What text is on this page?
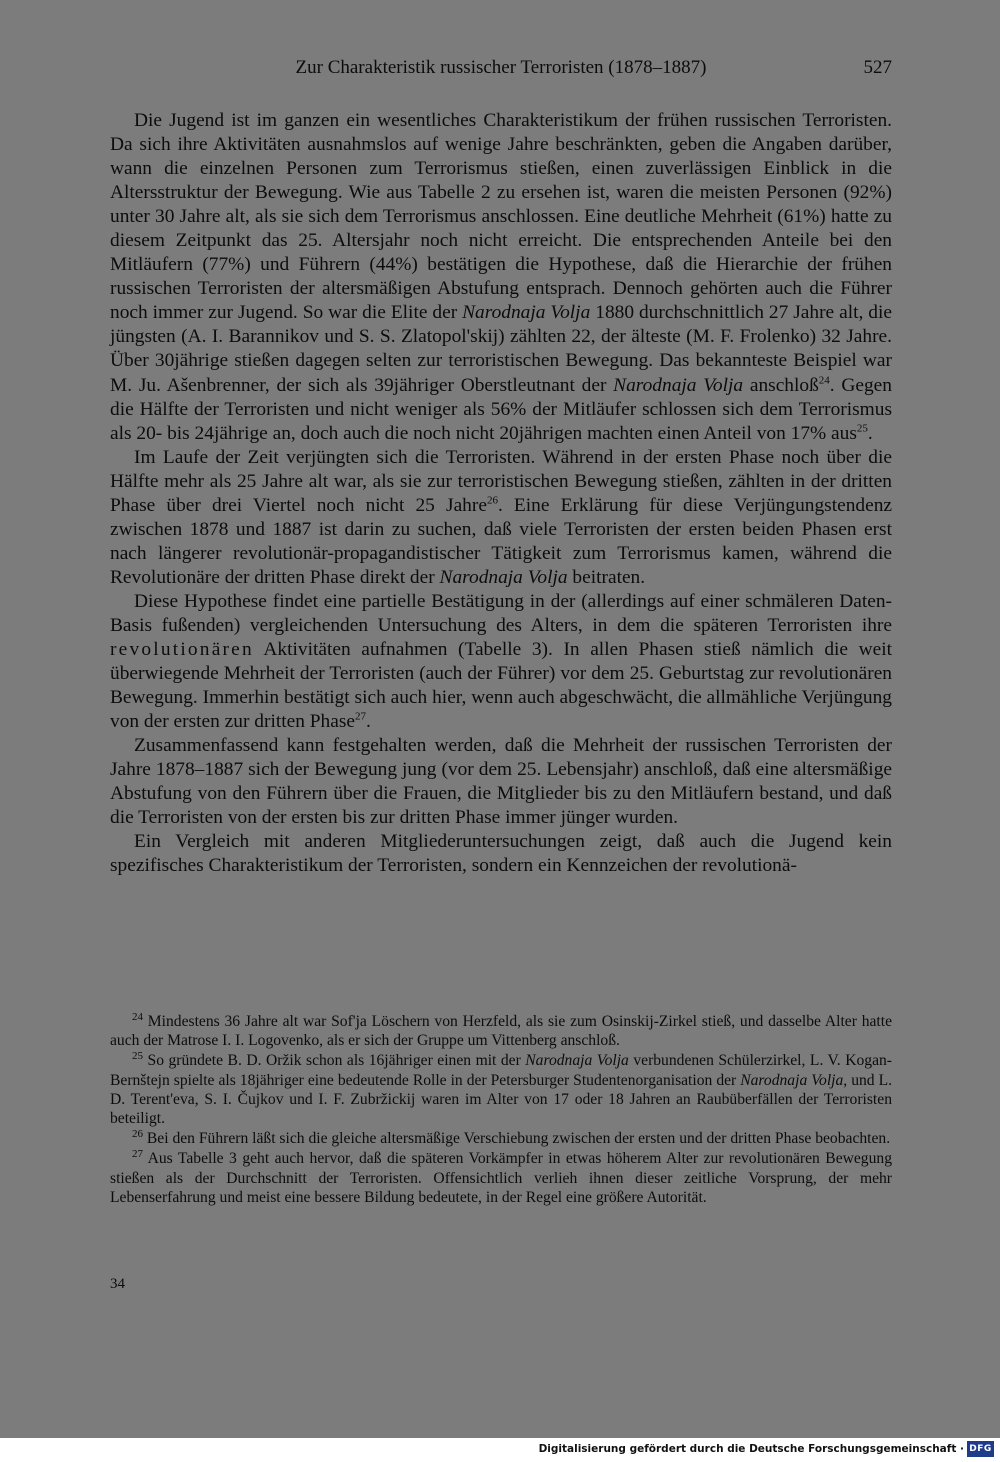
Zur Charakteristik russischer Terroristen (1878–1887)	527

Die Jugend ist im ganzen ein wesentliches Charakteristikum der frühen russischen Terroristen. Da sich ihre Aktivitäten ausnahmslos auf wenige Jahre beschränkten, geben die Angaben darüber, wann die einzelnen Personen zum Terrorismus stießen, einen zuverlässigen Einblick in die Altersstruktur der Bewegung. Wie aus Tabelle 2 zu ersehen ist, waren die meisten Personen (92%) unter 30 Jahre alt, als sie sich dem Terrorismus anschlossen. Eine deutliche Mehrheit (61%) hatte zu diesem Zeitpunkt das 25. Altersjahr noch nicht erreicht. Die entsprechenden Anteile bei den Mitläufern (77%) und Führern (44%) bestätigen die Hypothese, daß die Hierarchie der frühen russischen Terroristen der altersmäßigen Abstufung entsprach. Dennoch gehörten auch die Führer noch immer zur Jugend. So war die Elite der Narodnaja Volja 1880 durchschnittlich 27 Jahre alt, die jüngsten (A. I. Barannikov und S. S. Zlatopol'skij) zählten 22, der älteste (M. F. Frolenko) 32 Jahre. Über 30jährige stießen dagegen selten zur terroristischen Bewegung. Das bekannteste Beispiel war M. Ju. Ašenbrenner, der sich als 39jähriger Oberstleutnant der Narodnaja Volja anschloß$^{24}$. Gegen die Hälfte der Terroristen und nicht weniger als 56% der Mitläufer schlossen sich dem Terrorismus als 20- bis 24jährige an, doch auch die noch nicht 20jährigen machten einen Anteil von 17% aus$^{25}$.

Im Laufe der Zeit verjüngten sich die Terroristen. Während in der ersten Phase noch über die Hälfte mehr als 25 Jahre alt war, als sie zur terroristischen Bewegung stießen, zählten in der dritten Phase über drei Viertel noch nicht 25 Jahre$^{26}$. Eine Erklärung für diese Verjüngungstendenz zwischen 1878 und 1887 ist darin zu suchen, daß viele Terroristen der ersten beiden Phasen erst nach längerer revolutionär-propagandistischer Tätigkeit zum Terrorismus kamen, während die Revolutionäre der dritten Phase direkt der Narodnaja Volja beitraten.

Diese Hypothese findet eine partielle Bestätigung in der (allerdings auf einer schmäleren Daten-Basis fußenden) vergleichenden Untersuchung des Alters, in dem die späteren Terroristen ihre revolutionären Aktivitäten aufnahmen (Tabelle 3). In allen Phasen stieß nämlich die weit überwiegende Mehrheit der Terroristen (auch der Führer) vor dem 25. Geburtstag zur revolutionären Bewegung. Immerhin bestätigt sich auch hier, wenn auch abgeschwächt, die allmähliche Verjüngung von der ersten zur dritten Phase$^{27}$.

Zusammenfassend kann festgehalten werden, daß die Mehrheit der russischen Terroristen der Jahre 1878–1887 sich der Bewegung jung (vor dem 25. Lebensjahr) anschloß, daß eine altersmäßige Abstufung von den Führern über die Frauen, die Mitglieder bis zu den Mitläufern bestand, und daß die Terroristen von der ersten bis zur dritten Phase immer jünger wurden.

Ein Vergleich mit anderen Mitgliederuntersuchungen zeigt, daß auch die Jugend kein spezifisches Charakteristikum der Terroristen, sondern ein Kennzeichen der revolutionä-

$^{24}$ Mindestens 36 Jahre alt war Sof'ja Löschern von Herzfeld, als sie zum Osinskij-Zirkel stieß, und dasselbe Alter hatte auch der Matrose I. I. Logovenko, als er sich der Gruppe um Vittenberg anschloß.

$^{25}$ So gründete B. D. Oržik schon als 16jähriger einen mit der Narodnaja Volja verbundenen Schülerzirkel, L. V. Kogan-Bernštejn spielte als 18jähriger eine bedeutende Rolle in der Petersburger Studentenorganisation der Narodnaja Volja, und L. D. Terent'eva, S. I. Čujkov und I. F. Zubržickij waren im Alter von 17 oder 18 Jahren an Raubüberfällen der Terroristen beteiligt.

$^{26}$ Bei den Führern läßt sich die gleiche altersmäßige Verschiebung zwischen der ersten und der dritten Phase beobachten.

$^{27}$ Aus Tabelle 3 geht auch hervor, daß die späteren Vorkämpfer in etwas höherem Alter zur revolutionären Bewegung stießen als der Durchschnitt der Terroristen. Offensichtlich verlieh ihnen dieser zeitliche Vorsprung, der mehr Lebenserfahrung und meist eine bessere Bildung bedeutete, in der Regel eine größere Autorität.

34
Digitalisierung gefördert durch die Deutsche Forschungsgemeinschaft · DFG
